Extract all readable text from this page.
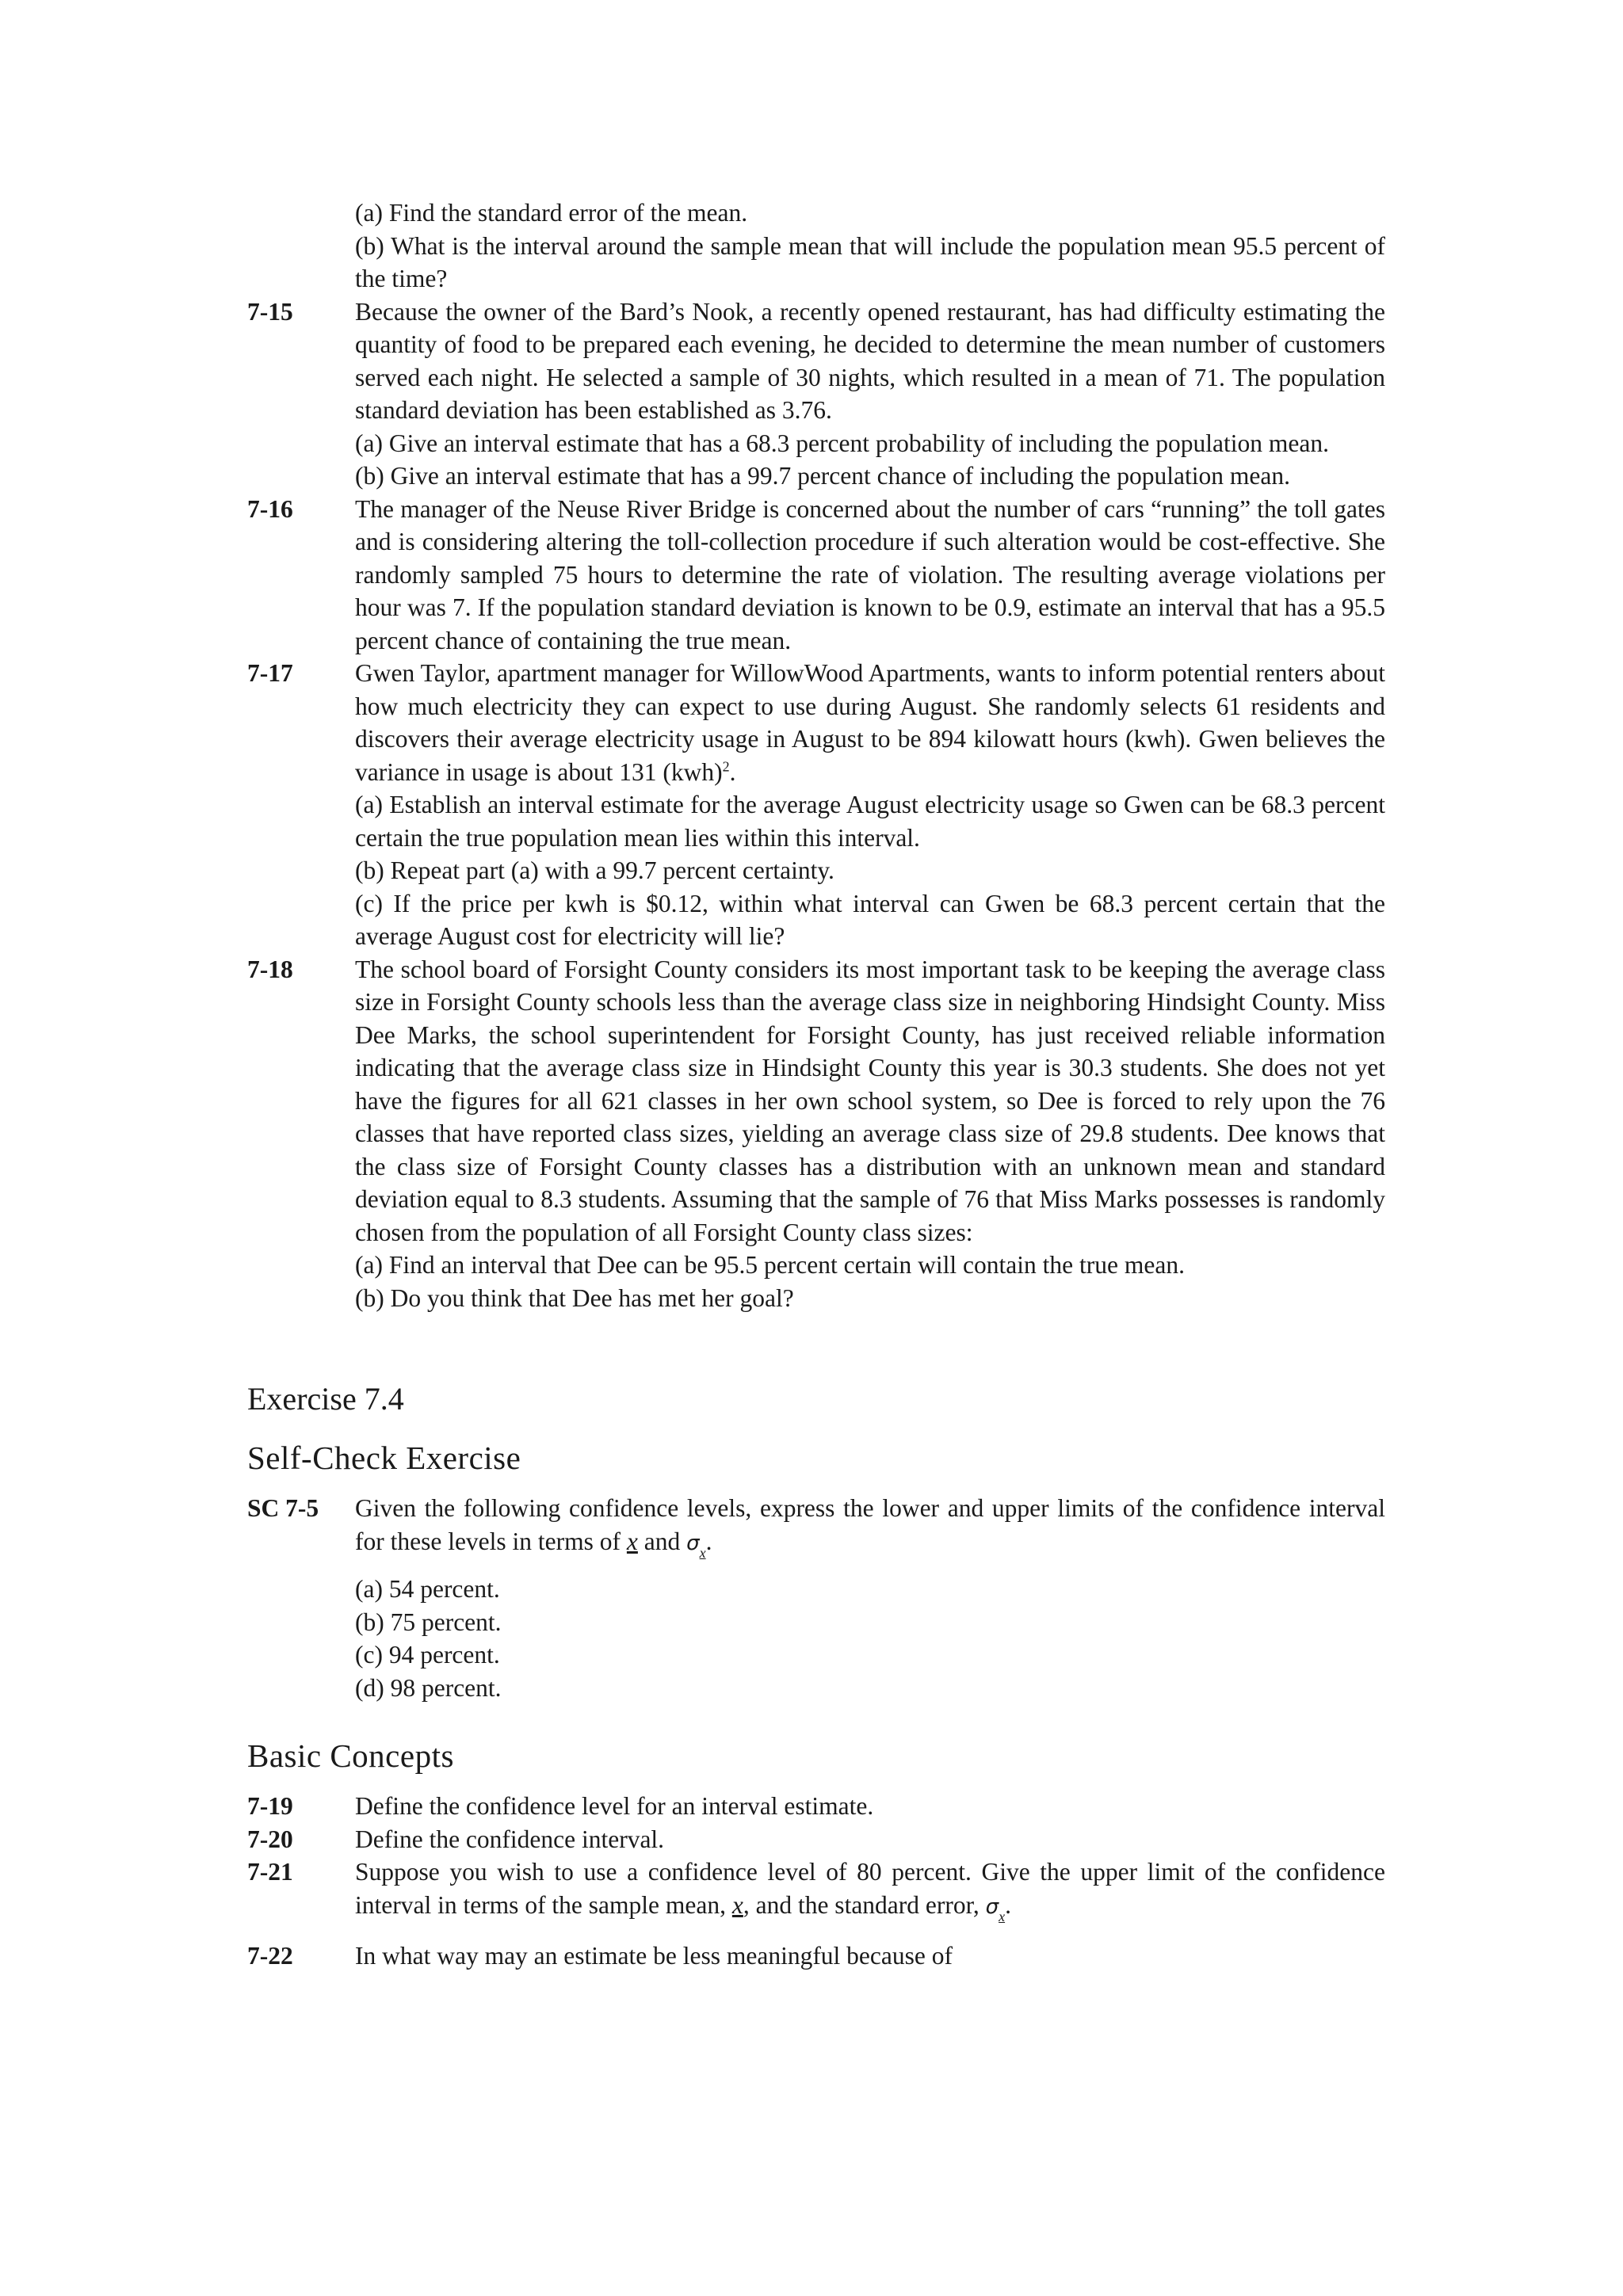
(a) Find the standard error of the mean.

(b) What is the interval around the sample mean that will include the population mean 95.5 percent of the time?

7-15	Because the owner of the Bard’s Nook, a recently opened restaurant, has had difficulty estimating the quantity of food to be prepared each evening, he decided to determine the mean number of customers served each night. He selected a sample of 30 nights, which resulted in a mean of 71. The population standard deviation has been established as 3.76.

(a) Give an interval estimate that has a 68.3 percent probability of including the population mean.

(b) Give an interval estimate that has a 99.7 percent chance of including the population mean.

7-16	The manager of the Neuse River Bridge is concerned about the number of cars “running” the toll gates and is considering altering the toll-collection procedure if such alteration would be cost-effective. She randomly sampled 75 hours to determine the rate of violation. The resulting average violations per hour was 7. If the population standard deviation is known to be 0.9, estimate an interval that has a 95.5 percent chance of containing the true mean.

7-17	Gwen Taylor, apartment manager for WillowWood Apartments, wants to inform potential renters about how much electricity they can expect to use during August. She randomly selects 61 residents and discovers their average electricity usage in August to be 894 kilowatt hours (kwh). Gwen believes the variance in usage is about 131 (kwh)$^2$.

(a) Establish an interval estimate for the average August electricity usage so Gwen can be 68.3 percent certain the true population mean lies within this interval.

(b) Repeat part (a) with a 99.7 percent certainty.

(c) If the price per kwh is $0.12, within what interval can Gwen be 68.3 percent certain that the average August cost for electricity will lie?

7-18	The school board of Forsight County considers its most important task to be keeping the average class size in Forsight County schools less than the average class size in neighboring Hindsight County. Miss Dee Marks, the school superintendent for Forsight County, has just received reliable information indicating that the average class size in Hindsight County this year is 30.3 students. She does not yet have the figures for all 621 classes in her own school system, so Dee is forced to rely upon the 76 classes that have reported class sizes, yielding an average class size of 29.8 students. Dee knows that the class size of Forsight County classes has a distribution with an unknown mean and standard deviation equal to 8.3 students. Assuming that the sample of 76 that Miss Marks possesses is randomly chosen from the population of all Forsight County class sizes:

(a) Find an interval that Dee can be 95.5 percent certain will contain the true mean.

(b) Do you think that Dee has met her goal?

Exercise 7.4

Self-Check Exercise

SC 7-5	Given the following confidence levels, express the lower and upper limits of the confidence interval for these levels in terms of x and $\sigma_x$.

(a) 54 percent.

(b) 75 percent.

(c) 94 percent.

(d) 98 percent.

Basic Concepts

7-19	Define the confidence level for an interval estimate.

7-20	Define the confidence interval.

7-21	Suppose you wish to use a confidence level of 80 percent. Give the upper limit of the confidence interval in terms of the sample mean, x, and the standard error, $\sigma_x$.

7-22	In what way may an estimate be less meaningful because of
